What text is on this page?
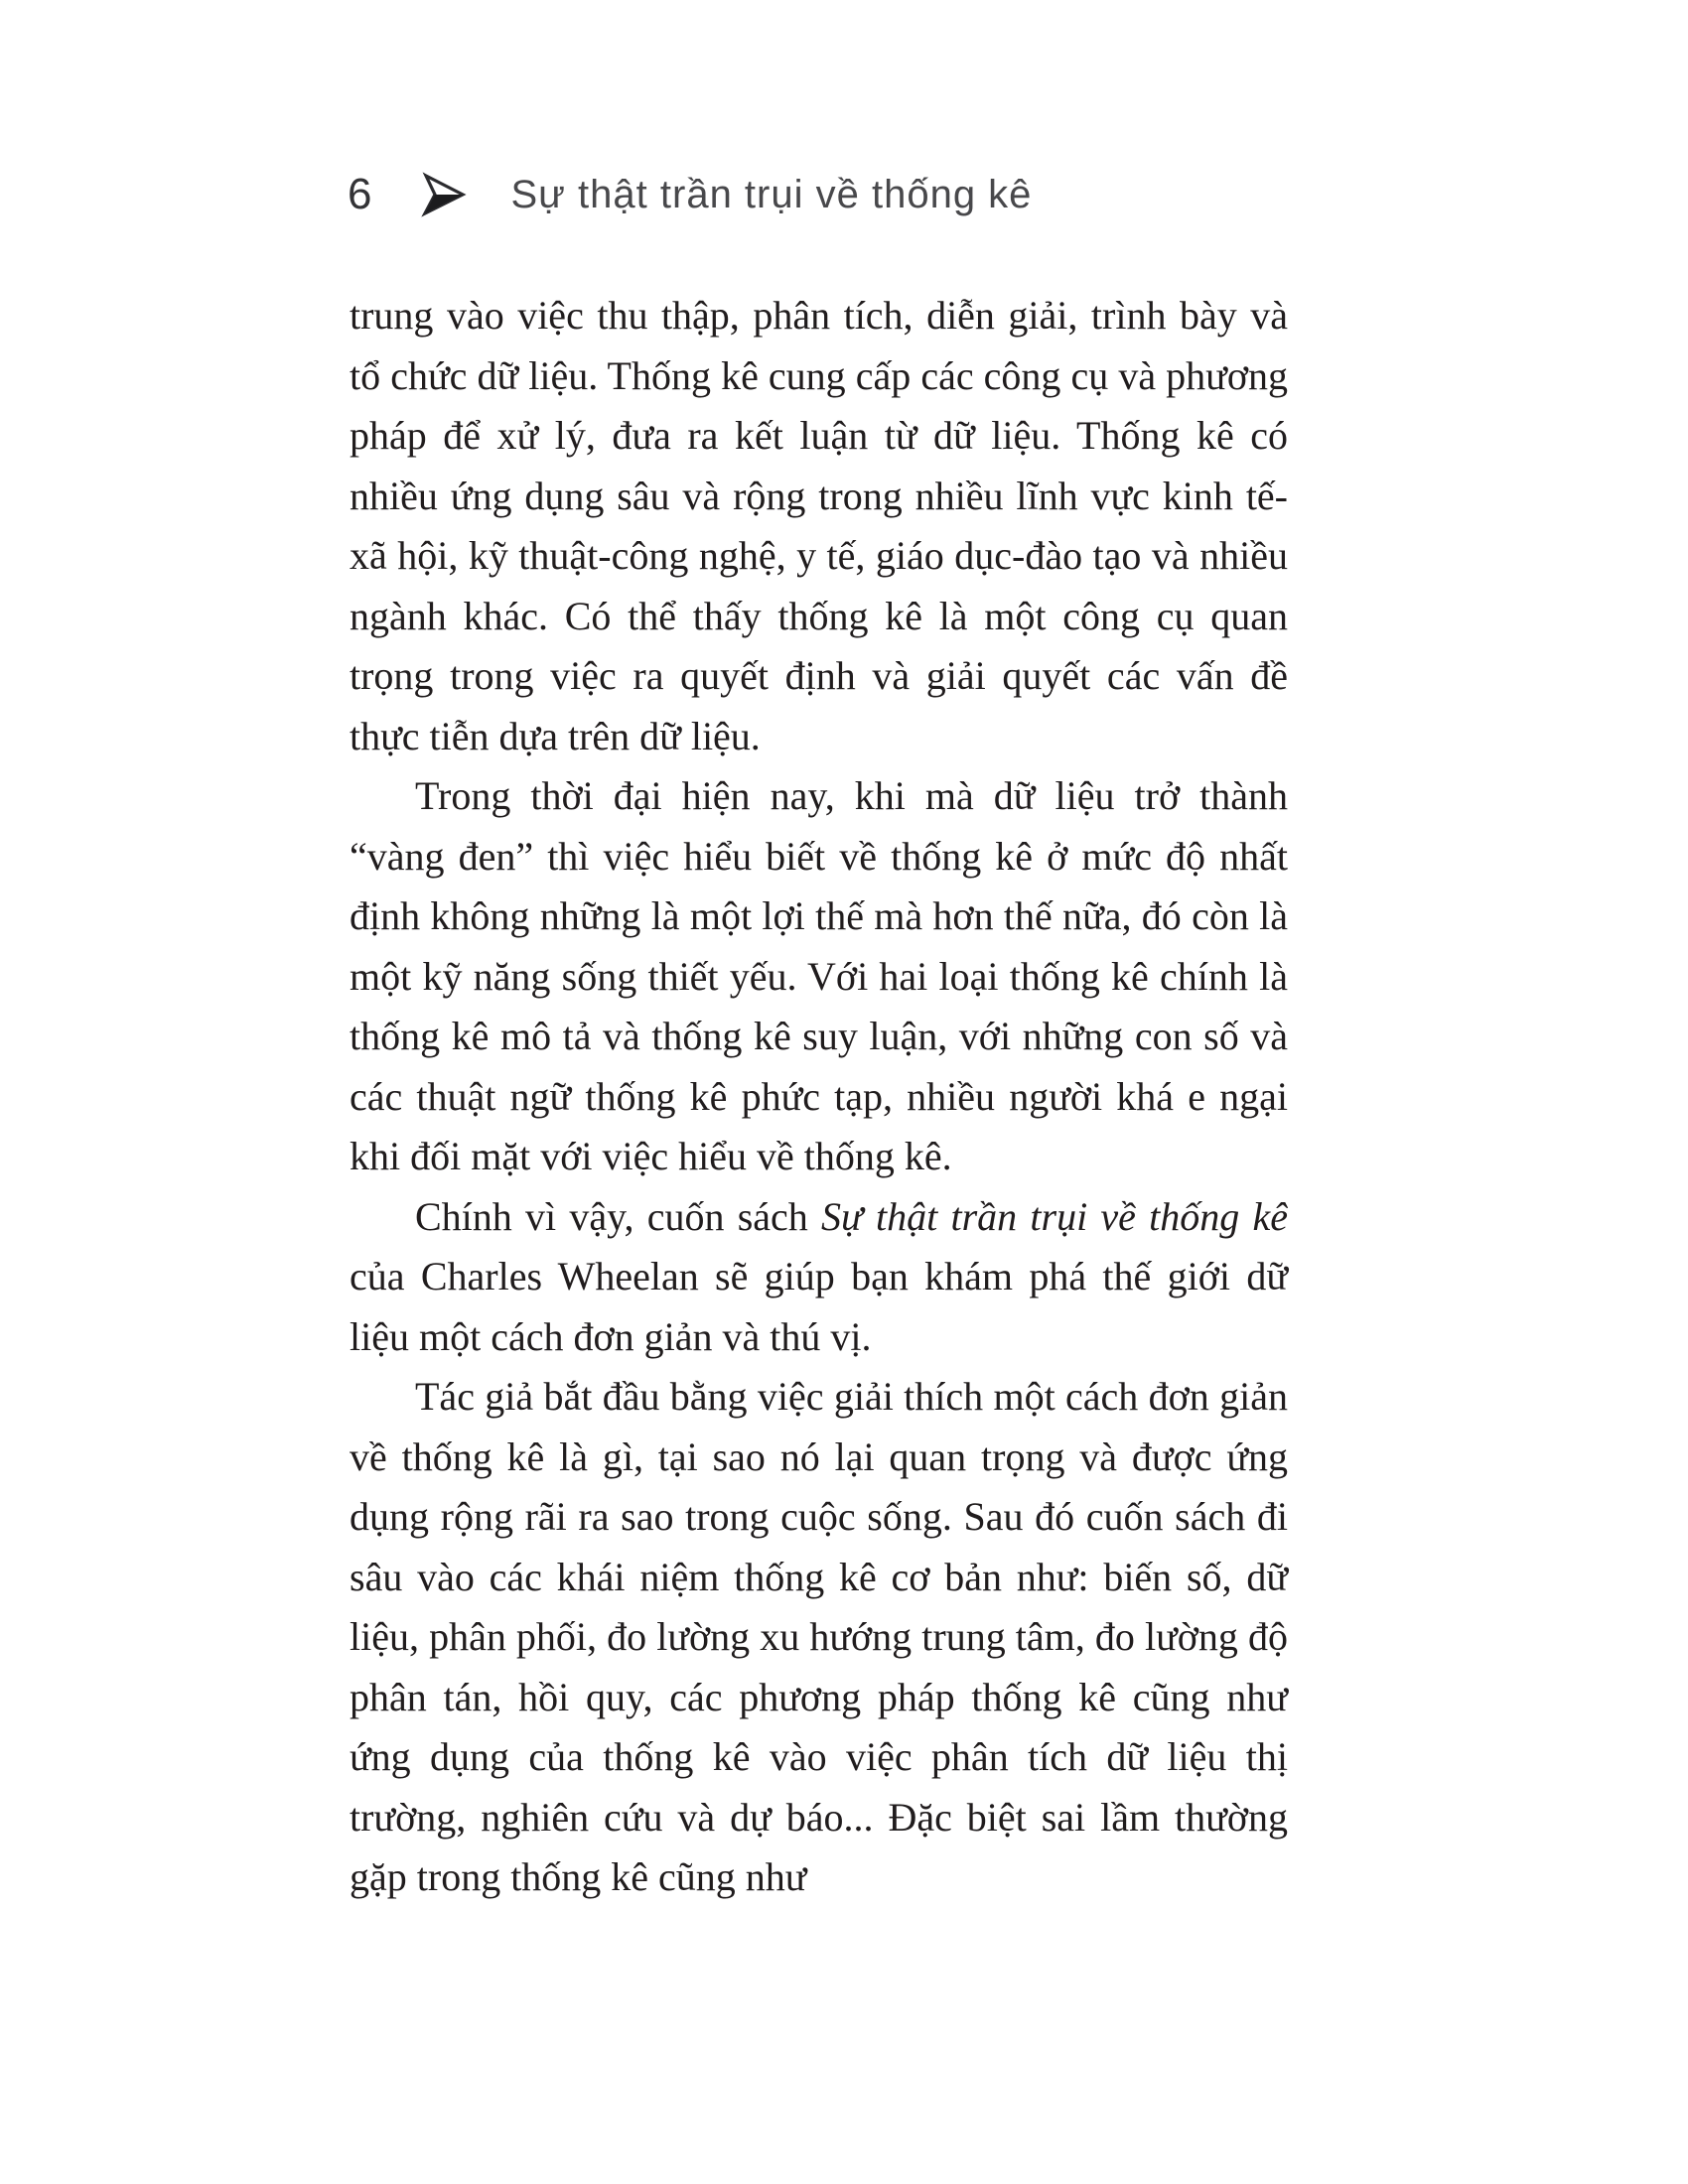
6	Sự thật trần trụi về thống kê

trung vào việc thu thập, phân tích, diễn giải, trình bày và tổ chức dữ liệu. Thống kê cung cấp các công cụ và phương pháp để xử lý, đưa ra kết luận từ dữ liệu. Thống kê có nhiều ứng dụng sâu và rộng trong nhiều lĩnh vực kinh tế-xã hội, kỹ thuật-công nghệ, y tế, giáo dục-đào tạo và nhiều ngành khác. Có thể thấy thống kê là một công cụ quan trọng trong việc ra quyết định và giải quyết các vấn đề thực tiễn dựa trên dữ liệu.

Trong thời đại hiện nay, khi mà dữ liệu trở thành “vàng đen” thì việc hiểu biết về thống kê ở mức độ nhất định không những là một lợi thế mà hơn thế nữa, đó còn là một kỹ năng sống thiết yếu. Với hai loại thống kê chính là thống kê mô tả và thống kê suy luận, với những con số và các thuật ngữ thống kê phức tạp, nhiều người khá e ngại khi đối mặt với việc hiểu về thống kê.

Chính vì vậy, cuốn sách Sự thật trần trụi về thống kê của Charles Wheelan sẽ giúp bạn khám phá thế giới dữ liệu một cách đơn giản và thú vị.

Tác giả bắt đầu bằng việc giải thích một cách đơn giản về thống kê là gì, tại sao nó lại quan trọng và được ứng dụng rộng rãi ra sao trong cuộc sống. Sau đó cuốn sách đi sâu vào các khái niệm thống kê cơ bản như: biến số, dữ liệu, phân phối, đo lường xu hướng trung tâm, đo lường độ phân tán, hồi quy, các phương pháp thống kê cũng như ứng dụng của thống kê vào việc phân tích dữ liệu thị trường, nghiên cứu và dự báo... Đặc biệt sai lầm thường gặp trong thống kê cũng như
